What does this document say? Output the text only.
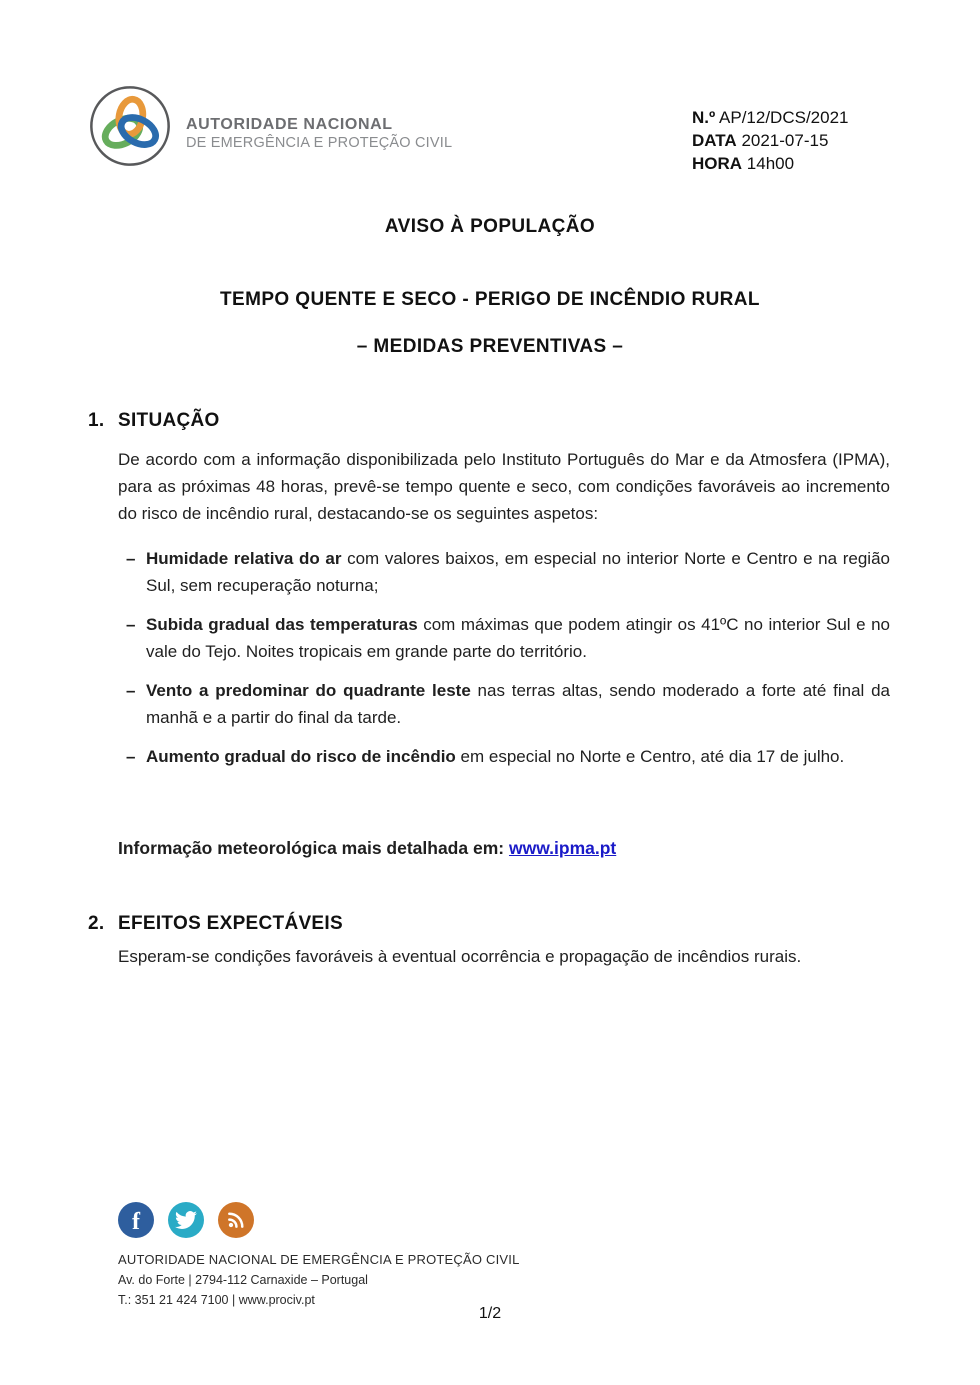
AUTORIDADE NACIONAL
DE EMERGÊNCIA E PROTEÇÃO CIVIL
N.º AP/12/DCS/2021
DATA 2021-07-15
HORA 14h00
AVISO À POPULAÇÃO
TEMPO QUENTE E SECO - PERIGO DE INCÊNDIO RURAL
– MEDIDAS PREVENTIVAS –
1. SITUAÇÃO

De acordo com a informação disponibilizada pelo Instituto Português do Mar e da Atmosfera (IPMA), para as próximas 48 horas, prevê-se tempo quente e seco, com condições favoráveis ao incremento do risco de incêndio rural, destacando-se os seguintes aspetos:

– Humidade relativa do ar com valores baixos, em especial no interior Norte e Centro e na região Sul, sem recuperação noturna;
– Subida gradual das temperaturas com máximas que podem atingir os 41ºC no interior Sul e no vale do Tejo. Noites tropicais em grande parte do território.
– Vento a predominar do quadrante leste nas terras altas, sendo moderado a forte até final da manhã e a partir do final da tarde.
– Aumento gradual do risco de incêndio em especial no Norte e Centro, até dia 17 de julho.
Informação meteorológica mais detalhada em: www.ipma.pt
2. EFEITOS EXPECTÁVEIS

Esperam-se condições favoráveis à eventual ocorrência e propagação de incêndios rurais.

f
AUTORIDADE NACIONAL DE EMERGÊNCIA E PROTEÇÃO CIVIL
Av. do Forte | 2794-112 Carnaxide – Portugal
T.: 351 21 424 7100 | www.prociv.pt
1/2
